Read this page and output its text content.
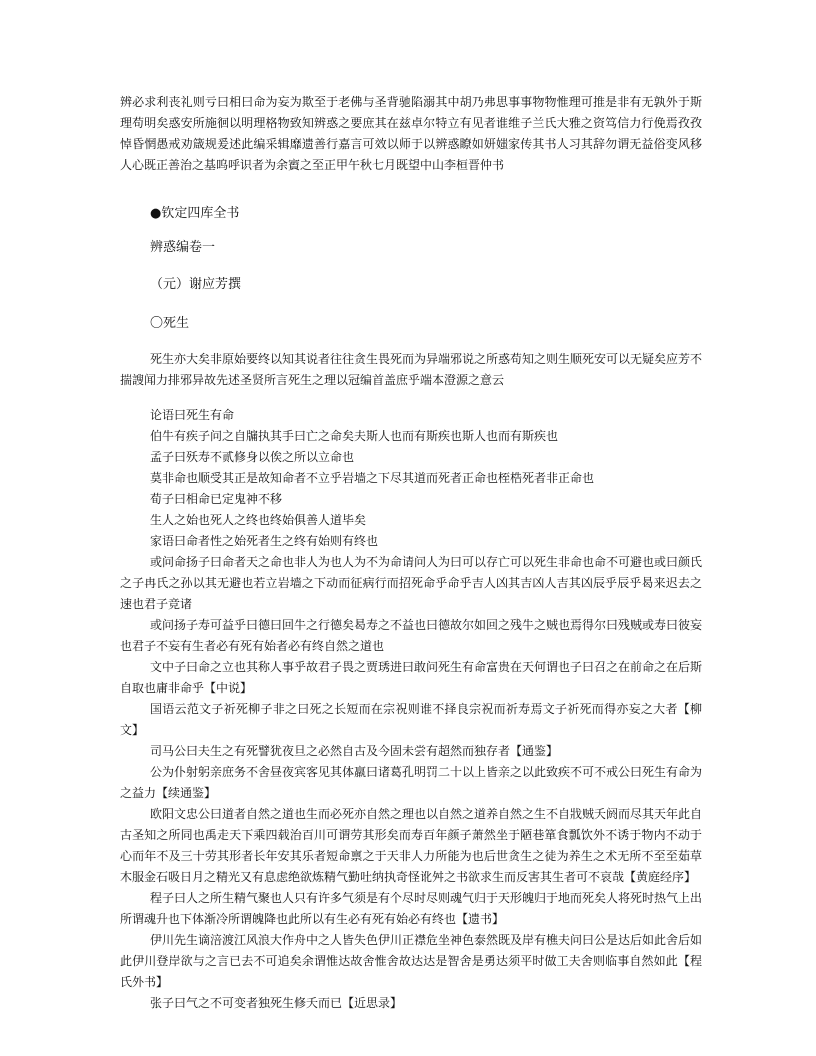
辨必求利丧礼则亏曰相曰命为妄为欺至于老佛与圣背驰陷溺其中胡乃弗思事事物物惟理可推是非有无孰外于斯理苟明矣惑安所施徊以明理格物致知辨惑之要庶其在兹卓尔特立有见者谁维子兰氏大雅之资笃信力行俛焉孜孜悼昏惘愚戒劝箴规爰述此编采辑靡遗善行嘉言可效以师于以辨惑瞭如妍媸家传其书人习其辞勿谓无益俗变风移人心既正善治之基呜呼识者为余賨之至正甲午秋七月既望中山李桓晋仲书

●钦定四库全书

辨惑编卷一

（元）谢应芳撰

〇死生

死生亦大矣非原始要终以知其说者往往贪生畏死而为异端邪说之所惑苟知之则生顺死安可以无疑矣应芳不揣謏闻力排邪异故先述圣贤所言死生之理以冠编首盖庶乎端本澄源之意云

论语曰死生有命

伯牛有疾子问之自牖执其手曰亡之命矣夫斯人也而有斯疾也斯人也而有斯疾也

孟子曰殀寿不贰修身以俟之所以立命也

莫非命也顺受其正是故知命者不立乎岩墙之下尽其道而死者正命也桎梏死者非正命也

荀子曰相命已定鬼神不移

生人之始也死人之终也终始俱善人道毕矣

家语曰命者性之始死者生之终有始则有终也

或问命扬子曰命者天之命也非人为也人为不为命请问人为曰可以存亡可以死生非命也命不可避也或曰颜氏之子冉氏之孙以其无避也若立岩墙之下动而征病行而招死命乎命乎吉人凶其吉凶人吉其凶辰乎辰乎曷来迟去之速也君子竞诸

或问扬子寿可益乎曰德曰回牛之行德矣曷寿之不益也曰德故尔如回之残牛之贼也焉得尔曰残贼或寿曰彼妄也君子不妄有生者必有死有始者必有终自然之道也

文中子曰命之立也其称人事乎故君子畏之贾琇进曰敢问死生有命富贵在天何谓也子曰召之在前命之在后斯自取也庸非命乎【中说】

国语云范文子祈死柳子非之曰死之长短而在宗祝则谁不择良宗祝而祈寿焉文子祈死而得亦妄之大者【柳文】

司马公曰夫生之有死譬犹夜旦之必然自古及今固未尝有超然而独存者【通鉴】

公为仆射躬亲庶务不舍昼夜宾客见其体羸曰诸葛孔明罚二十以上皆亲之以此致疾不可不戒公曰死生有命为之益力【续通鉴】

欧阳文忠公曰道者自然之道也生而必死亦自然之理也以自然之道养自然之生不自戕贼夭阏而尽其天年此自古圣知之所同也禹走天下乘四载治百川可谓劳其形矣而寿百年颜子萧然坐于陋巷箪食瓢饮外不诱于物内不动于心而年不及三十劳其形者长年安其乐者短命禀之于天非人力所能为也后世贪生之徒为养生之术无所不至至茹草木服金石吸日月之精光又有息虑绝欲炼精气勤吐纳执奇怪讹舛之书欲求生而反害其生者可不哀哉【黄庭经序】

程子曰人之所生精气聚也人只有许多气须是有个尽时尽则魂气归于天形魄归于地而死矣人将死时热气上出所谓魂升也下体渐冷所谓魄降也此所以有生必有死有始必有终也【遗书】

伊川先生谪涪渡江风浪大作舟中之人皆失色伊川正襟危坐神色泰然既及岸有樵夫问曰公是达后如此舍后如此伊川登岸欲与之言已去不可追矣余谓惟达故舍惟舍故达达是智舍是勇达须平时做工夫舍则临事自然如此【程氏外书】

张子曰气之不可变者独死生修夭而已【近思录】
